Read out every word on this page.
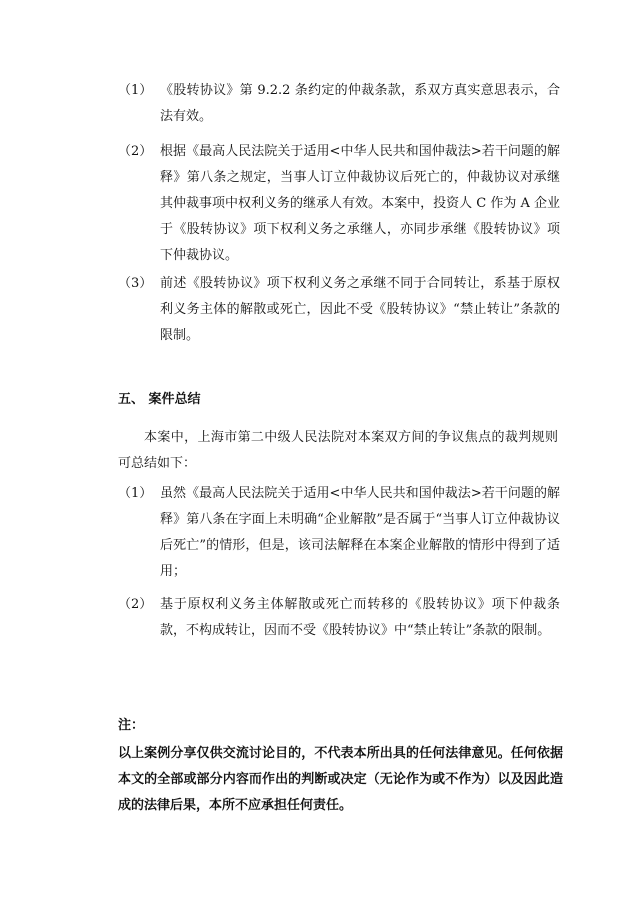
（1） 《股转协议》第 9.2.2 条约定的仲裁条款，系双方真实意思表示，合法有效。
（2） 根据《最高人民法院关于适用<中华人民共和国仲裁法>若干问题的解释》第八条之规定，当事人订立仲裁协议后死亡的，仲裁协议对承继其仲裁事项中权利义务的继承人有效。本案中，投资人 C 作为 A 企业于《股转协议》项下权利义务之承继人，亦同步承继《股转协议》项下仲裁协议。
（3） 前述《股转协议》项下权利义务之承继不同于合同转让，系基于原权利义务主体的解散或死亡，因此不受《股转协议》“禁止转让”条款的限制。
五、 案件总结
本案中，上海市第二中级人民法院对本案双方间的争议焦点的裁判规则可总结如下：
（1） 虽然《最高人民法院关于适用<中华人民共和国仲裁法>若干问题的解释》第八条在字面上未明确“企业解散”是否属于“当事人订立仲裁协议后死亡”的情形，但是，该司法解释在本案企业解散的情形中得到了适用；
（2） 基于原权利义务主体解散或死亡而转移的《股转协议》项下仲裁条款，不构成转让，因而不受《股转协议》中“禁止转让”条款的限制。
注：
以上案例分享仅供交流讨论目的，不代表本所出具的任何法律意见。任何依据本文的全部或部分内容而作出的判断或决定（无论作为或不作为）以及因此造成的法律后果，本所不应承担任何责任。
